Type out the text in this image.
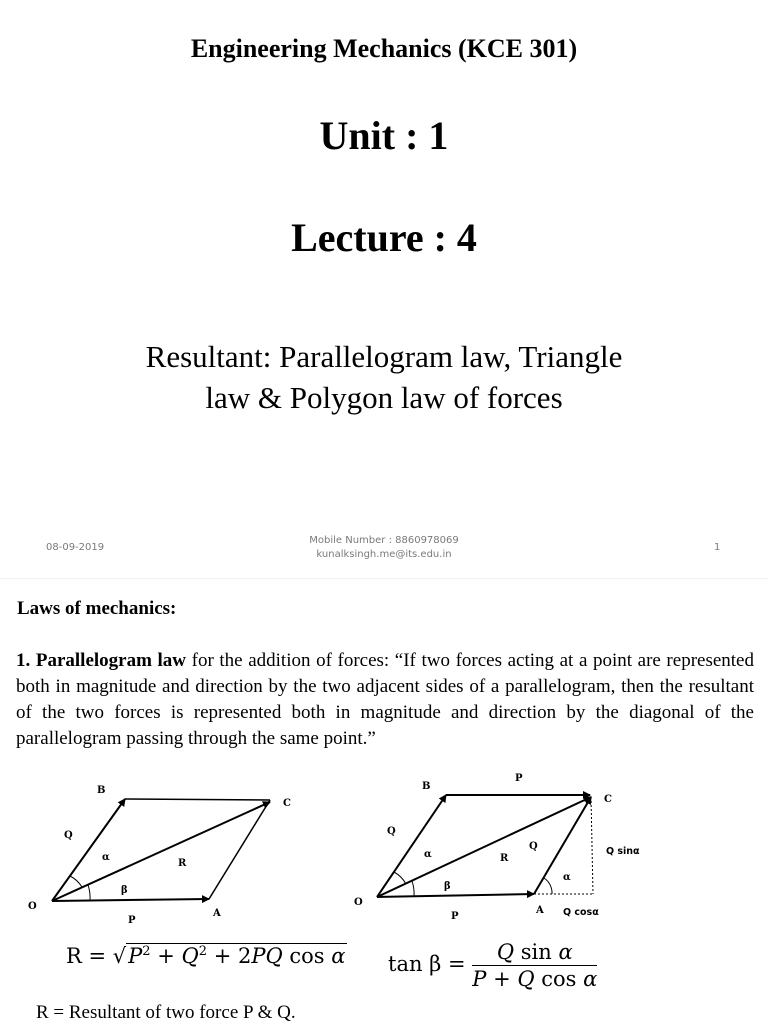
Engineering Mechanics (KCE 301)
Unit : 1
Lecture : 4
Resultant: Parallelogram law, Triangle
law & Polygon law of forces
08-09-2019
Mobile Number : 8860978069
kunalksingh.me@its.edu.in
1
Laws of mechanics:
1. Parallelogram law for the addition of forces: “If two forces acting at a point are represented both in magnitude and direction by the two adjacent sides of a parallelogram, then the resultant of the two forces is represented both in magnitude and direction by the diagonal of the parallelogram passing through the same point.”
O
A
B
C
P
Q
R
α
β
O
A
B
C
P
P
Q
Q
R
α
α
β
Q sinα
Q cosα
$R = √P^2 + Q^2 + 2PQ$ cos α $\tan \beta = \frac{\text{Q sin α}}{\text{P + Q cos α}}$
R = Resultant of two force P & Q.
